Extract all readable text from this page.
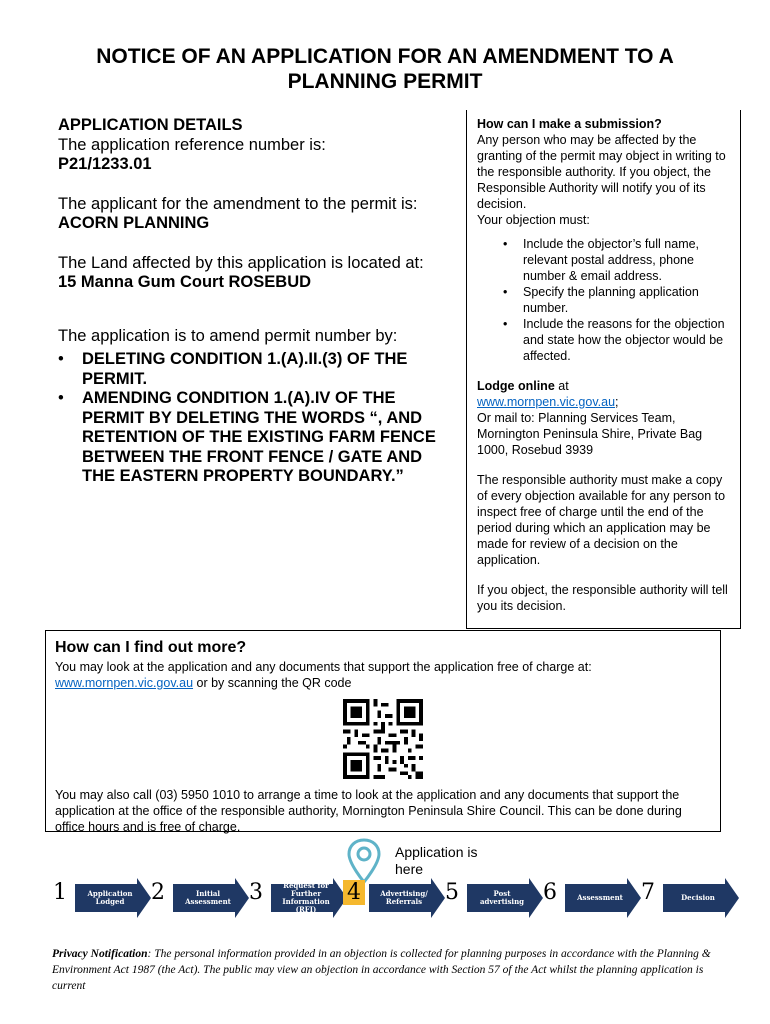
NOTICE OF AN APPLICATION FOR AN AMENDMENT TO A PLANNING PERMIT

APPLICATION DETAILS

The application reference number is:

P21/1233.01

The applicant for the amendment to the permit is:

ACORN PLANNING

The Land affected by this application is located at:

15 Manna Gum Court ROSEBUD

The application is to amend permit number by:

• DELETING CONDITION 1.(A).II.(3) OF THE PERMIT.
• AMENDING CONDITION 1.(A).IV OF THE PERMIT BY DELETING THE WORDS “, AND RETENTION OF THE EXISTING FARM FENCE BETWEEN THE FRONT FENCE / GATE AND THE EASTERN PROPERTY BOUNDARY.”

How can I make a submission?

Any person who may be affected by the granting of the permit may object in writing to the responsible authority. If you object, the Responsible Authority will notify you of its decision.

Your objection must:

• Include the objector’s full name, relevant postal address, phone number & email address.
• Specify the planning application number.
• Include the reasons for the objection and state how the objector would be affected.

Lodge online at
www.mornpen.vic.gov.au;

Or mail to: Planning Services Team, Mornington Peninsula Shire, Private Bag 1000, Rosebud 3939

The responsible authority must make a copy of every objection available for any person to inspect free of charge until the end of the period during which an application may be made for review of a decision on the application.

If you object, the responsible authority will tell you its decision.

How can I find out more?

You may look at the application and any documents that support the application free of charge at:
www.mornpen.vic.gov.au or by scanning the QR code

You may also call (03) 5950 1010 to arrange a time to look at the application and any documents that support the application at the office of the responsible authority, Mornington Peninsula Shire Council. This can be done during office hours and is free of charge.

Application is here
1	Application Lodged	2	Initial Assessment 3	Request for Further Information (RFI)
4	Advertising/ Referrals	5	Post advertising 6	Assessment 7	Decision
Privacy Notification: The personal information provided in an objection is collected for planning purposes in accordance with the Planning & Environment Act 1987 (the Act). The public may view an objection in accordance with Section 57 of the Act whilst the planning application is current
